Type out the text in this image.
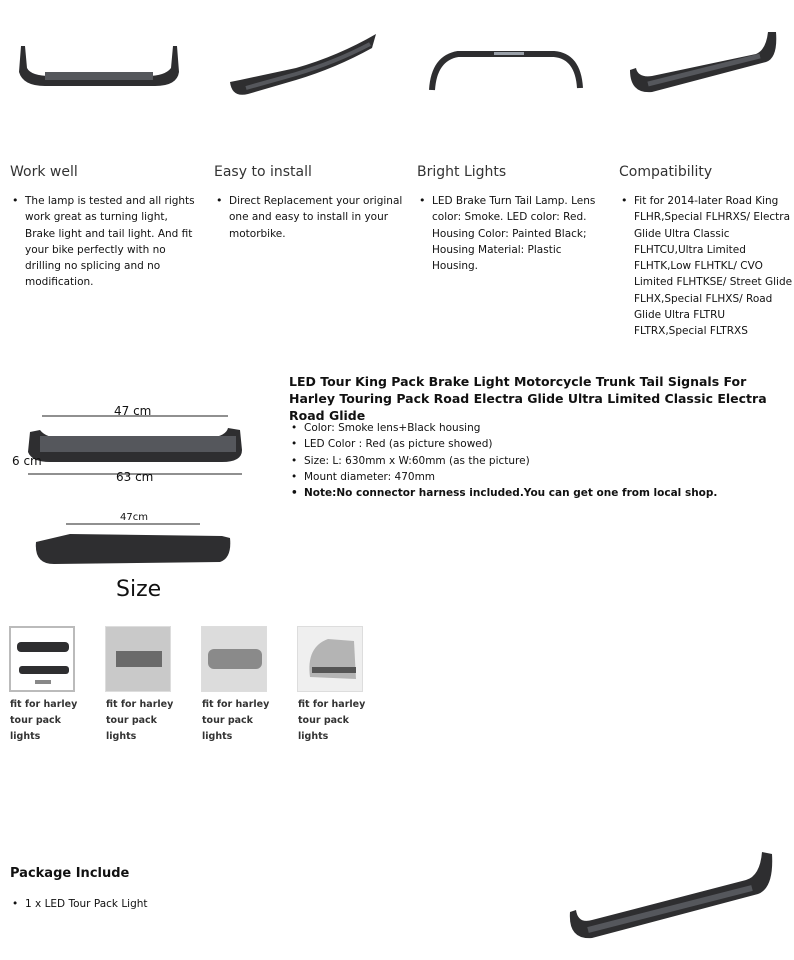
Work well
• The lamp is tested and all rights work great as turning light, Brake light and tail light. And fit your bike perfectly with no drilling no splicing and no modification.
Easy to install
• Direct Replacement your original one and easy to install in your motorbike.
Bright Lights
• LED Brake Turn Tail Lamp. Lens color: Smoke. LED color: Red. Housing Color: Painted Black; Housing Material: Plastic Housing.
Compatibility
• Fit for 2014-later Road King FLHR,Special FLHRXS/ Electra Glide Ultra Classic FLHTCU,Ultra Limited FLHTK,Low FLHTKL/ CVO Limited FLHTKSE/ Street Glide FLHX,Special FLHXS/ Road Glide Ultra FLTRU FLTRX,Special FLTRXS
47 cm
6 cm
63 cm
47cm
Size
LED Tour King Pack Brake Light Motorcycle Trunk Tail Signals For Harley Touring Pack Road Electra Glide Ultra Limited Classic Electra Road Glide
• Color: Smoke lens+Black housing
• LED Color : Red (as picture showed)
• Size: L: 630mm x W:60mm (as the picture)
• Mount diameter: 470mm
• Note:No connector harness included.You can get one from local shop.
fit for harley tour pack lights
fit for harley tour pack lights
fit for harley tour pack lights
fit for harley tour pack lights
Package Include
• 1 x LED Tour Pack Light
